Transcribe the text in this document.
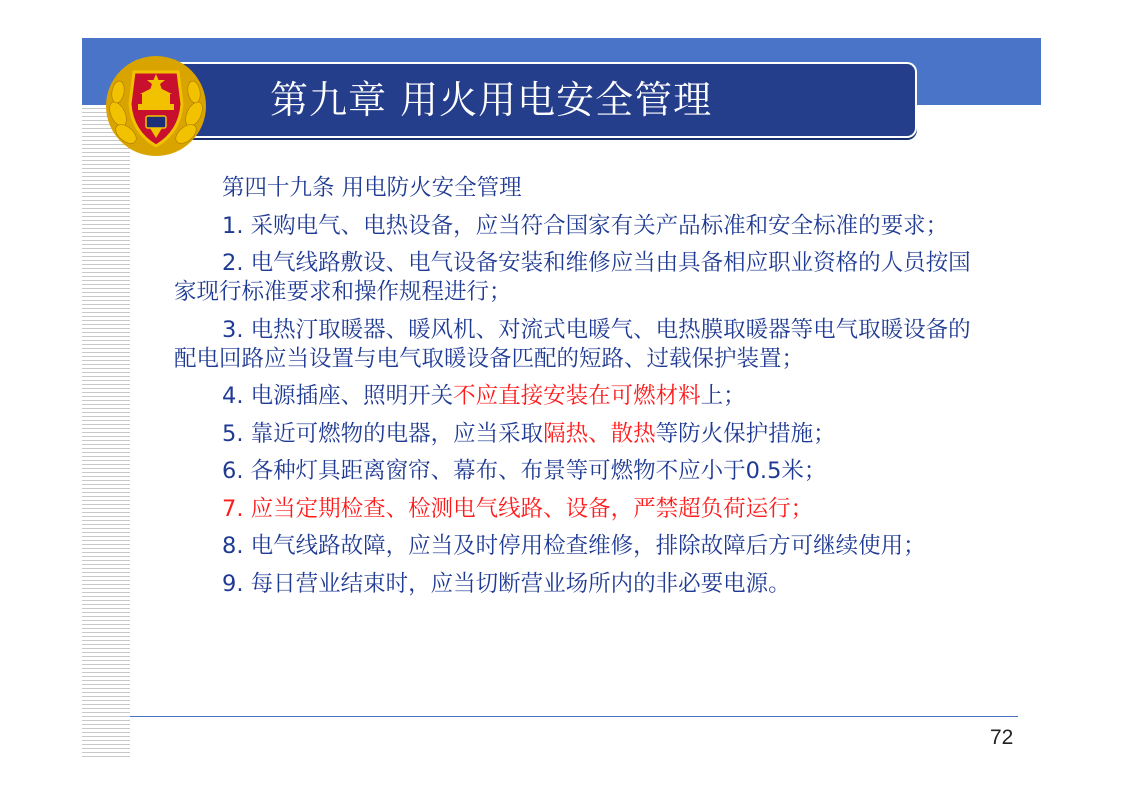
第九章 用火用电安全管理
第四十九条 用电防火安全管理
1. 采购电气、电热设备，应当符合国家有关产品标准和安全标准的要求；
2. 电气线路敷设、电气设备安装和维修应当由具备相应职业资格的人员按国家现行标准要求和操作规程进行；
3. 电热汀取暖器、暖风机、对流式电暖气、电热膜取暖器等电气取暖设备的配电回路应当设置与电气取暖设备匹配的短路、过载保护装置；
4. 电源插座、照明开关不应直接安装在可燃材料上；
5. 靠近可燃物的电器，应当采取隔热、散热等防火保护措施；
6. 各种灯具距离窗帘、幕布、布景等可燃物不应小于0.5米；
7. 应当定期检查、检测电气线路、设备，严禁超负荷运行；
8. 电气线路故障，应当及时停用检查维修，排除故障后方可继续使用；
9. 每日营业结束时，应当切断营业场所内的非必要电源。
72
